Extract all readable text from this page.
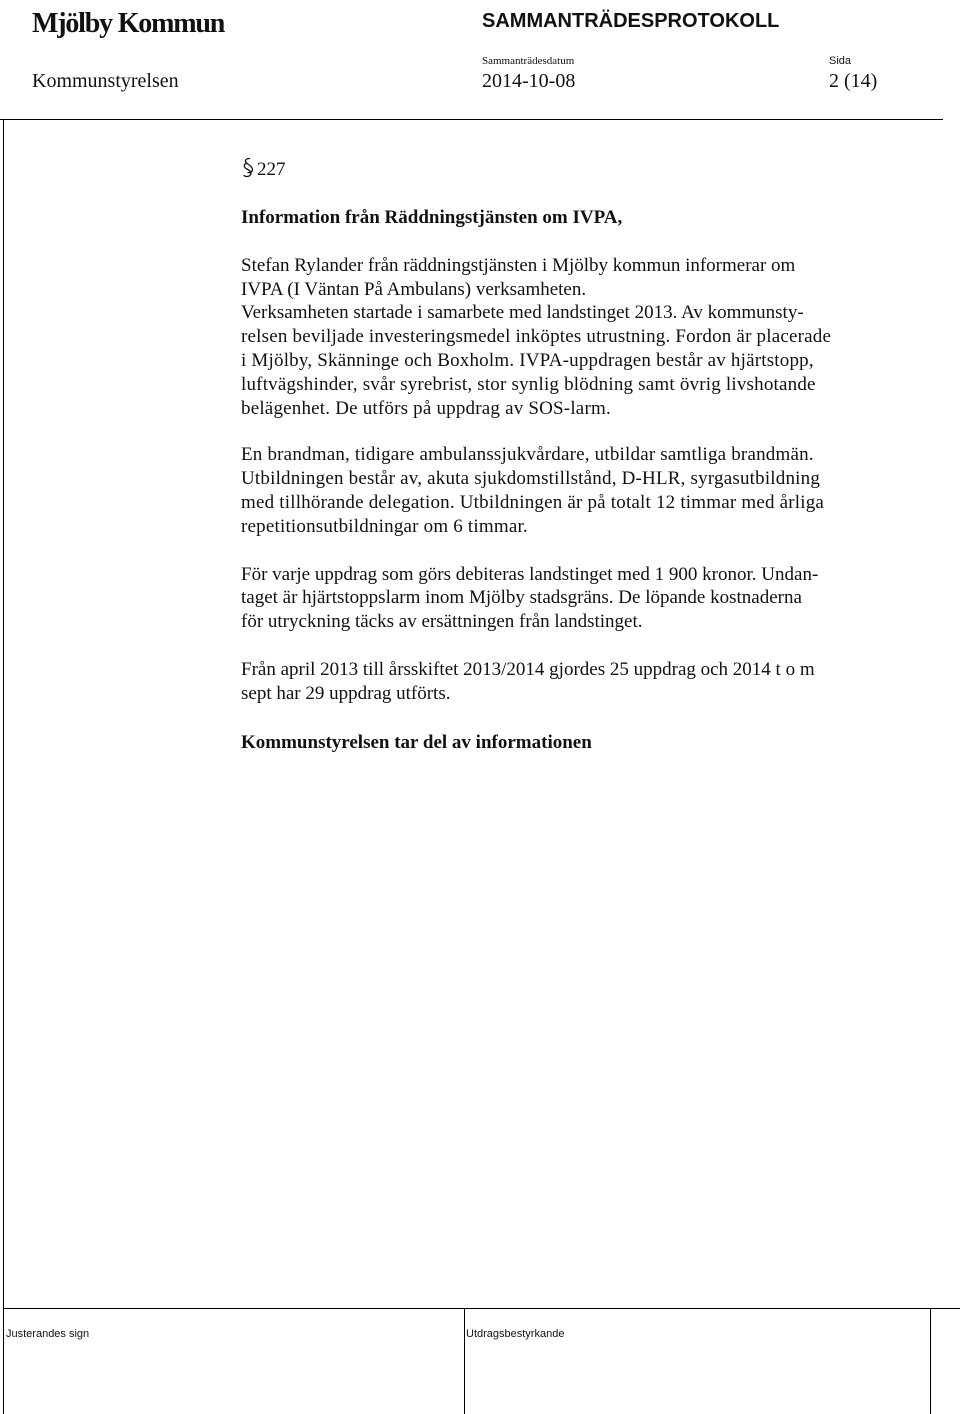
Mjölby Kommun	SAMMANTRÄDESPROTOKOLL
Sammanträdesdatum	Sida
Kommunstyrelsen	2014-10-08	2 (14)
227

Information från Räddningstjänsten om IVPA,

Stefan Rylander från räddningstjänsten i Mjölby kommun informerar om
IVPA (I Väntan På Ambulans) verksamheten.
Verksamheten startade i samarbete med landstinget 2013. Av kommunsty-
relsen beviljade investeringsmedel inköptes utrustning. Fordon är placerade
i Mjölby, Skänninge och Boxholm. IVPA-uppdragen består av hjärtstopp,
luftvägshinder, svår syrebrist, stor synlig blödning samt övrig livshotande
belägenhet. De utförs på uppdrag av SOS-larm.

En brandman, tidigare ambulanssjukvårdare, utbildar samtliga brandmän.
Utbildningen består av, akuta sjukdomstillstånd, D-HLR, syrgasutbildning
med tillhörande delegation. Utbildningen är på totalt 12 timmar med årliga
repetitionsutbildningar om 6 timmar.

För varje uppdrag som görs debiteras landstinget med 1 900 kronor. Undan-
taget är hjärtstoppslarm inom Mjölby stadsgräns. De löpande kostnaderna
för utryckning täcks av ersättningen från landstinget.

Från april 2013 till årsskiftet 2013/2014 gjordes 25 uppdrag och 2014 t o m
sept har 29 uppdrag utförts.

Kommunstyrelsen tar del av informationen

Justerandes sign	Utdragsbestyrkande
